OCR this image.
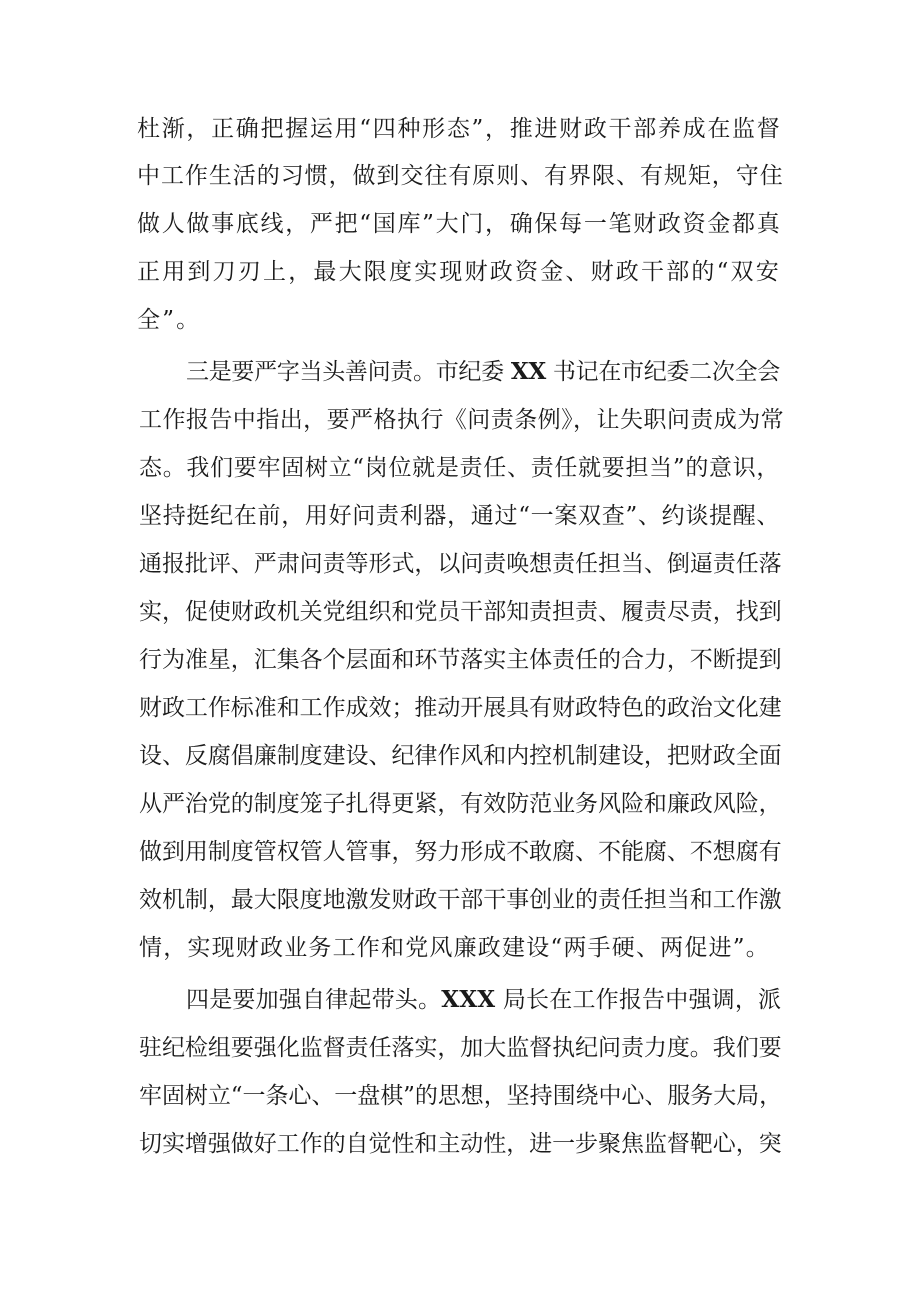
杜渐，正确把握运用“四种形态”，推进财政干部养成在监督
中工作生活的习惯，做到交往有原则、有界限、有规矩，守住
做人做事底线，严把“国库”大门，确保每一笔财政资金都真
正用到刀刃上，最大限度实现财政资金、财政干部的“双安
全”。
三是要严字当头善问责。市纪委 XX 书记在市纪委二次全会
工作报告中指出，要严格执行《问责条例》，让失职问责成为常
态。我们要牢固树立“岗位就是责任、责任就要担当”的意识，
坚持挺纪在前，用好问责利器，通过“一案双查”、约谈提醒、
通报批评、严肃问责等形式，以问责唤想责任担当、倒逼责任落
实，促使财政机关党组织和党员干部知责担责、履责尽责，找到
行为准星，汇集各个层面和环节落实主体责任的合力，不断提到
财政工作标准和工作成效；推动开展具有财政特色的政治文化建
设、反腐倡廉制度建设、纪律作风和内控机制建设，把财政全面
从严治党的制度笼子扎得更紧，有效防范业务风险和廉政风险，
做到用制度管权管人管事，努力形成不敢腐、不能腐、不想腐有
效机制，最大限度地激发财政干部干事创业的责任担当和工作激
情，实现财政业务工作和党风廉政建设“两手硬、两促进”。
四是要加强自律起带头。XXX 局长在工作报告中强调，派
驻纪检组要强化监督责任落实，加大监督执纪问责力度。我们要
牢固树立“一条心、一盘棋”的思想，坚持围绕中心、服务大局，
切实增强做好工作的自觉性和主动性，进一步聚焦监督靶心，突
